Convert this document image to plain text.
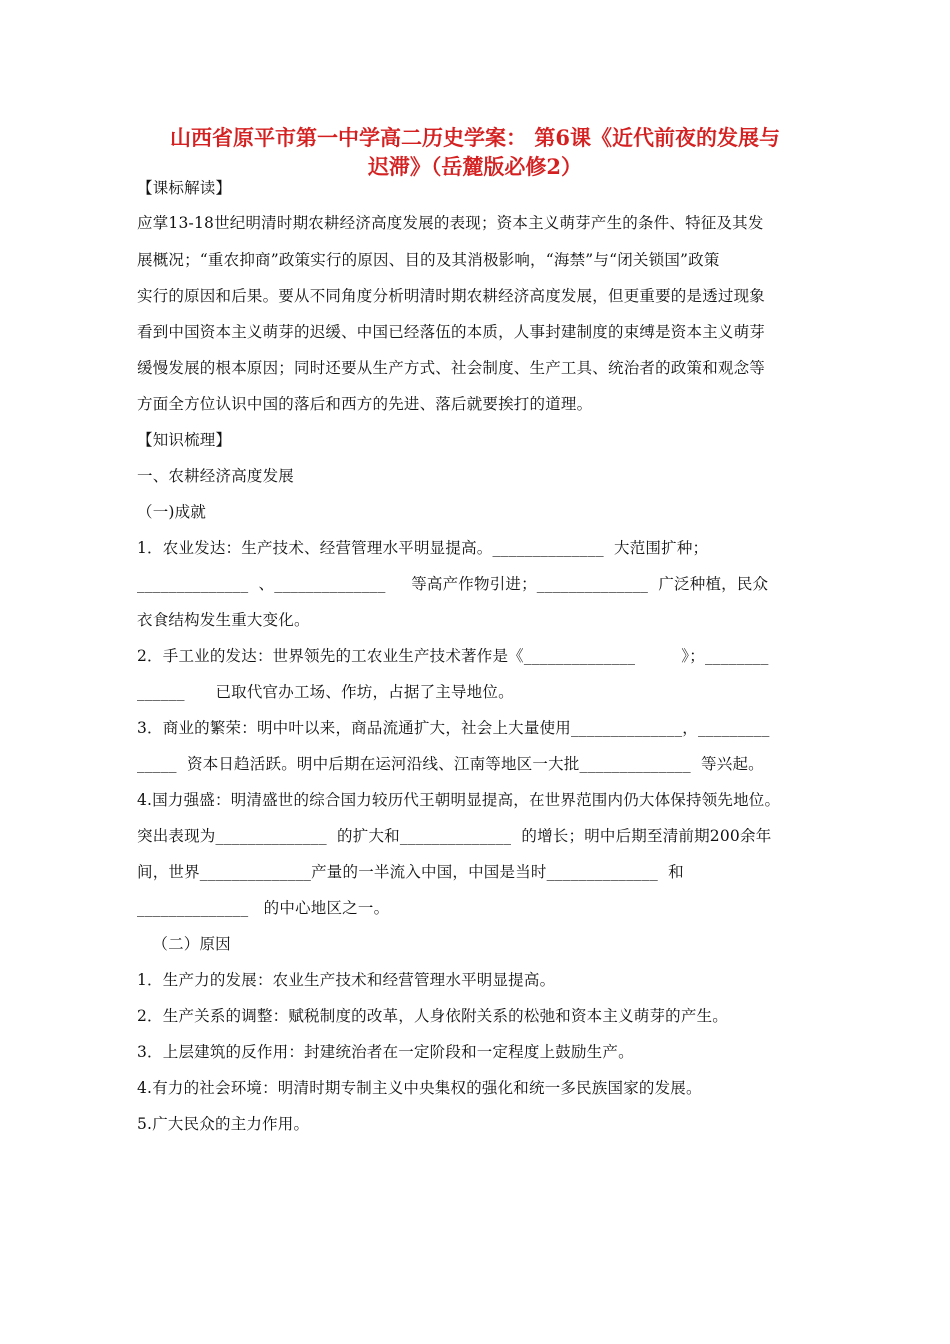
山西省原平市第一中学高二历史学案： 第6课《近代前夜的发展与
迟滞》（岳麓版必修2）
【课标解读】
应掌13-18世纪明清时期农耕经济高度发展的表现；资本主义萌芽产生的条件、特征及其发
展概况；“重农抑商”政策实行的原因、目的及其消极影响，“海禁”与“闭关锁国”政策
实行的原因和后果。要从不同角度分析明清时期农耕经济高度发展，但更重要的是透过现象
看到中国资本主义萌芽的迟缓、中国已经落伍的本质，人事封建制度的束缚是资本主义萌芽
缓慢发展的根本原因；同时还要从生产方式、社会制度、生产工具、统治者的政策和观念等
方面全方位认识中国的落后和西方的先进、落后就要挨打的道理。
【知识梳理】
一、农耕经济高度发展
（一)成就
1．农业发达：生产技术、经营管理水平明显提高。______________  大范围扩种；
______________  、______________     等高产作物引进；______________  广泛种植，民众
衣食结构发生重大变化。
2．手工业的发达：世界领先的工农业生产技术著作是《______________         》；________
______      已取代官办工场、作坊，占据了主导地位。
3．商业的繁荣：明中叶以来，商品流通扩大，社会上大量使用______________，_________
_____  资本日趋活跃。明中后期在运河沿线、江南等地区一大批______________  等兴起。
4.国力强盛：明清盛世的综合国力较历代王朝明显提高，在世界范围内仍大体保持领先地位。
突出表现为______________  的扩大和______________  的增长；明中后期至清前期200余年
间，世界______________产量的一半流入中国，中国是当时______________  和
______________   的中心地区之一。
（二）原因
1．生产力的发展：农业生产技术和经营管理水平明显提高。
2．生产关系的调整：赋税制度的改革，人身依附关系的松弛和资本主义萌芽的产生。
3．上层建筑的反作用：封建统治者在一定阶段和一定程度上鼓励生产。
4.有力的社会环境：明清时期专制主义中央集权的强化和统一多民族国家的发展。
5.广大民众的主力作用。
